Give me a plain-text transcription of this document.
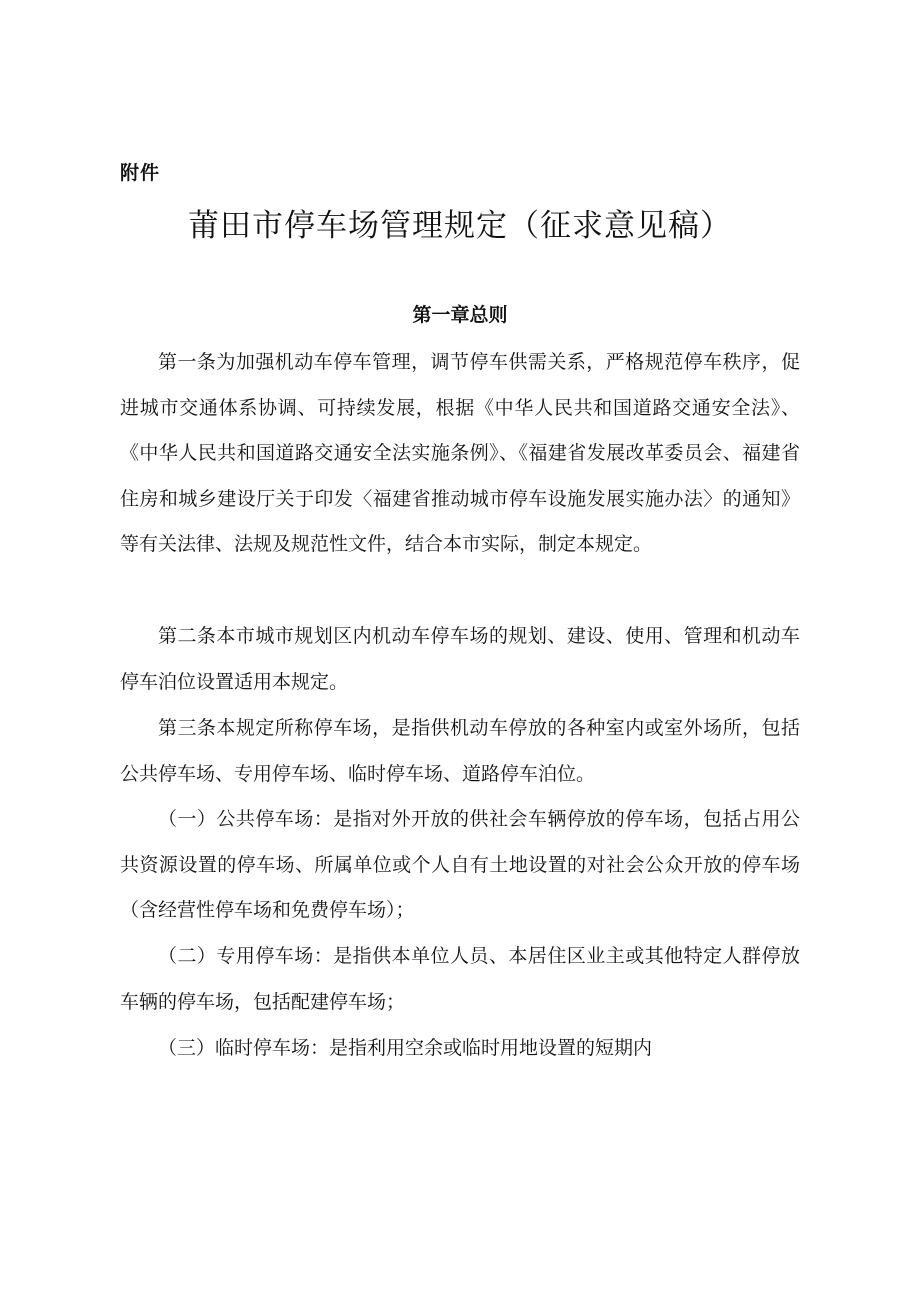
附件
莆田市停车场管理规定（征求意见稿）
第一章总则

第一条为加强机动车停车管理，调节停车供需关系，严格规范停车秩序，促进城市交通体系协调、可持续发展，根据《中华人民共和国道路交通安全法》、《中华人民共和国道路交通安全法实施条例》、《福建省发展改革委员会、福建省住房和城乡建设厅关于印发〈福建省推动城市停车设施发展实施办法〉的通知》等有关法律、法规及规范性文件，结合本市实际，制定本规定。

第二条本市城市规划区内机动车停车场的规划、建设、使用、管理和机动车停车泊位设置适用本规定。

第三条本规定所称停车场，是指供机动车停放的各种室内或室外场所，包括公共停车场、专用停车场、临时停车场、道路停车泊位。

（一）公共停车场：是指对外开放的供社会车辆停放的停车场，包括占用公共资源设置的停车场、所属单位或个人自有土地设置的对社会公众开放的停车场（含经营性停车场和免费停车场）；

（二）专用停车场：是指供本单位人员、本居住区业主或其他特定人群停放车辆的停车场，包括配建停车场；

（三）临时停车场：是指利用空余或临时用地设置的短期内
